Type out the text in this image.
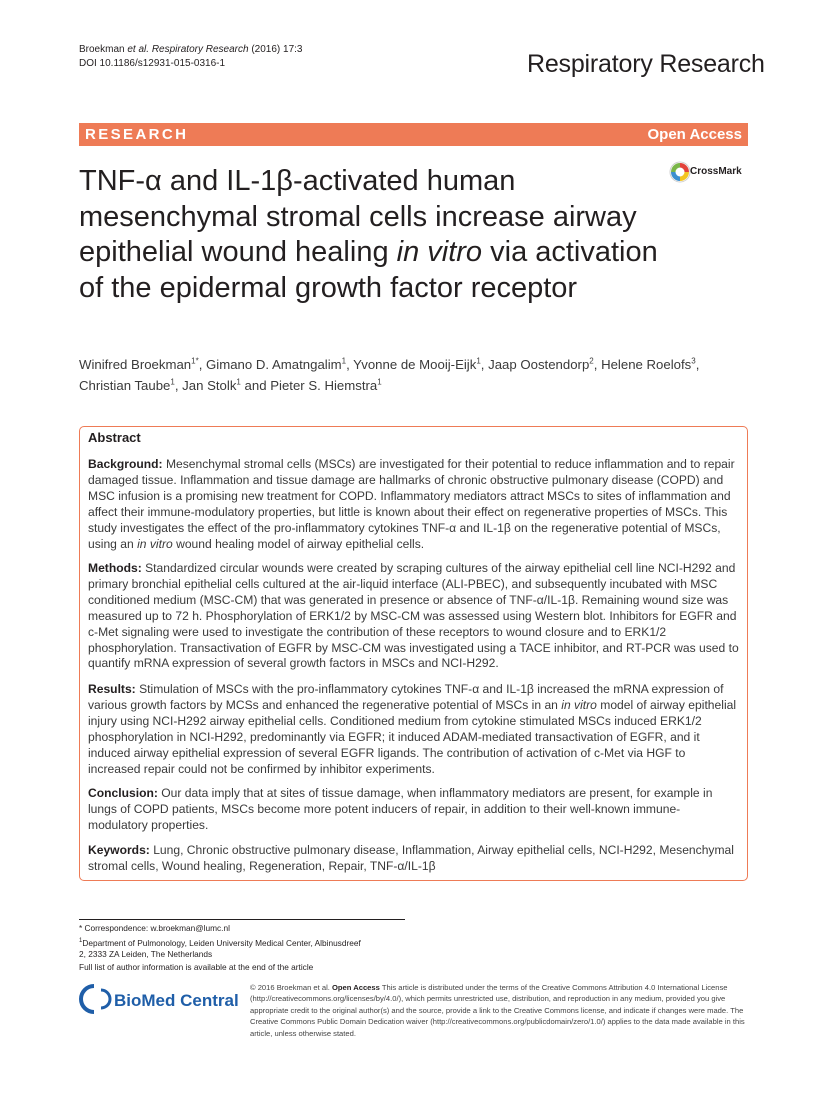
Broekman et al. Respiratory Research (2016) 17:3
DOI 10.1186/s12931-015-0316-1	Respiratory Research
RESEARCH	Open Access
CrossMark
TNF-α and IL-1β-activated human mesenchymal stromal cells increase airway epithelial wound healing in vitro via activation of the epidermal growth factor receptor
Winifred Broekman$^{1*}$, Gimano D. Amatngalim$^1$, Yvonne de Mooij-Eijk$^1$, Jaap Oostendorp$^2$, Helene Roelofs$^3$,
Christian Taube$^1$, Jan Stolk$^1$ and Pieter S. Hiemstra$^1$
Abstract

Background: Mesenchymal stromal cells (MSCs) are investigated for their potential to reduce inflammation and to repair damaged tissue. Inflammation and tissue damage are hallmarks of chronic obstructive pulmonary disease (COPD) and MSC infusion is a promising new treatment for COPD. Inflammatory mediators attract MSCs to sites of inflammation and affect their immune-modulatory properties, but little is known about their effect on regenerative properties of MSCs. This study investigates the effect of the pro-inflammatory cytokines TNF-α and IL-1β on the regenerative potential of MSCs, using an in vitro wound healing model of airway epithelial cells.

Methods: Standardized circular wounds were created by scraping cultures of the airway epithelial cell line NCI-H292 and primary bronchial epithelial cells cultured at the air-liquid interface (ALI-PBEC), and subsequently incubated with MSC conditioned medium (MSC-CM) that was generated in presence or absence of TNF-α/IL-1β. Remaining wound size was measured up to 72 h. Phosphorylation of ERK1/2 by MSC-CM was assessed using Western blot. Inhibitors for EGFR and c-Met signaling were used to investigate the contribution of these receptors to wound closure and to ERK1/2 phosphorylation. Transactivation of EGFR by MSC-CM was investigated using a TACE inhibitor, and RT-PCR was used to quantify mRNA expression of several growth factors in MSCs and NCI-H292.

Results: Stimulation of MSCs with the pro-inflammatory cytokines TNF-α and IL-1β increased the mRNA expression of various growth factors by MCSs and enhanced the regenerative potential of MSCs in an in vitro model of airway epithelial injury using NCI-H292 airway epithelial cells. Conditioned medium from cytokine stimulated MSCs induced ERK1/2 phosphorylation in NCI-H292, predominantly via EGFR; it induced ADAM-mediated transactivation of EGFR, and it induced airway epithelial expression of several EGFR ligands. The contribution of activation of c-Met via HGF to increased repair could not be confirmed by inhibitor experiments.

Conclusion: Our data imply that at sites of tissue damage, when inflammatory mediators are present, for example in lungs of COPD patients, MSCs become more potent inducers of repair, in addition to their well-known immune-modulatory properties.

Keywords: Lung, Chronic obstructive pulmonary disease, Inflammation, Airway epithelial cells, NCI-H292, Mesenchymal stromal cells, Wound healing, Regeneration, Repair, TNF-α/IL-1β

* Correspondence: w.broekman@lumc.nl
$^1$Department of Pulmonology, Leiden University Medical Center, Albinusdreef
2, 2333 ZA Leiden, The Netherlands
Full list of author information is available at the end of the article
BioMed Central
© 2016 Broekman et al. Open Access This article is distributed under the terms of the Creative Commons Attribution 4.0 International License (http://creativecommons.org/licenses/by/4.0/), which permits unrestricted use, distribution, and reproduction in any medium, provided you give appropriate credit to the original author(s) and the source, provide a link to the Creative Commons license, and indicate if changes were made. The Creative Commons Public Domain Dedication waiver (http://creativecommons.org/publicdomain/zero/1.0/) applies to the data made available in this article, unless otherwise stated.
